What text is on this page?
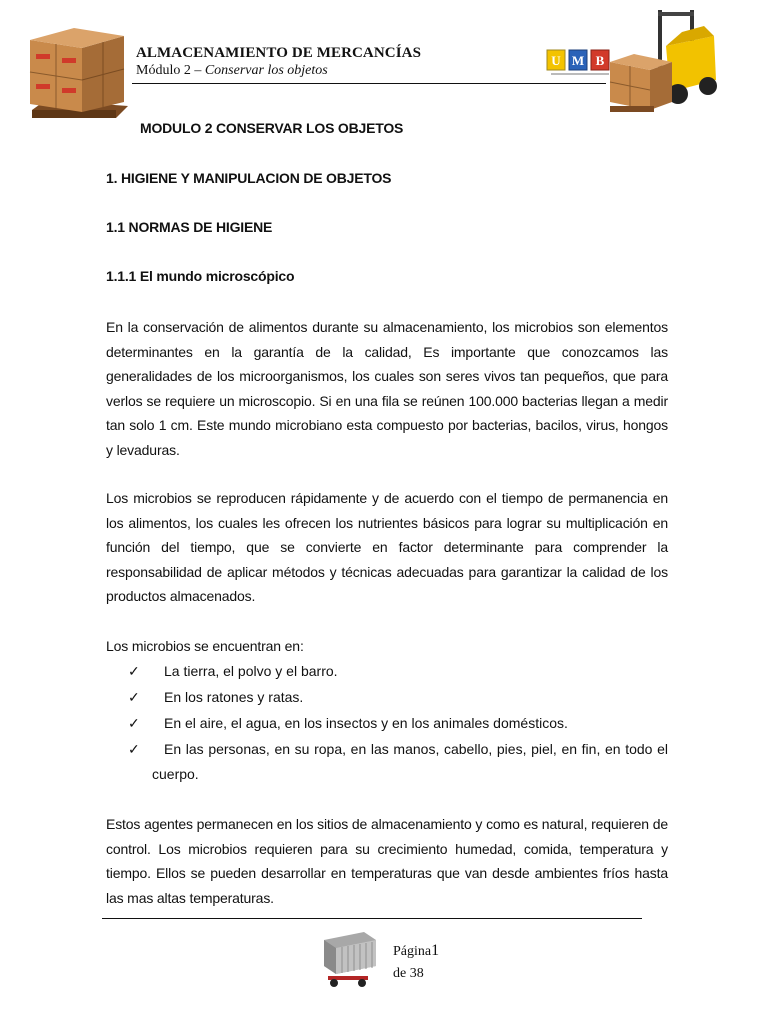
U M B
ALMACENAMIENTO DE MERCANCÍAS
Módulo 2 – Conservar los objetos
MODULO 2 CONSERVAR LOS OBJETOS
1. HIGIENE Y MANIPULACION DE OBJETOS
1.1 NORMAS DE HIGIENE
1.1.1 El mundo microscópico
En la conservación de alimentos durante su almacenamiento, los microbios son elementos determinantes en la garantía de la calidad, Es importante que conozcamos las generalidades de los microorganismos, los cuales son seres vivos tan pequeños, que para verlos se requiere un microscopio. Si en una fila se reúnen 100.000 bacterias llegan a medir tan solo 1 cm. Este mundo microbiano esta compuesto por bacterias, bacilos, virus, hongos y levaduras.
Los microbios se reproducen rápidamente y de acuerdo con el tiempo de permanencia en los alimentos, los cuales les ofrecen los nutrientes básicos para lograr su multiplicación en función del tiempo, que se convierte en factor determinante para comprender la responsabilidad de aplicar métodos y técnicas adecuadas para garantizar la calidad de los productos almacenados.
Los microbios se encuentran en:
✓	La tierra, el polvo y el barro.
✓	En los ratones y ratas.
✓	En el aire, el agua, en los insectos y en los animales domésticos.
✓	En las personas, en su ropa, en las manos, cabello, pies, piel, en fin, en todo el cuerpo.
Estos agentes permanecen en los sitios de almacenamiento y como es natural, requieren de control. Los microbios requieren para su crecimiento humedad, comida, temperatura y tiempo. Ellos se pueden desarrollar en temperaturas que van desde ambientes fríos hasta las mas altas temperaturas.
Página1
de 38
